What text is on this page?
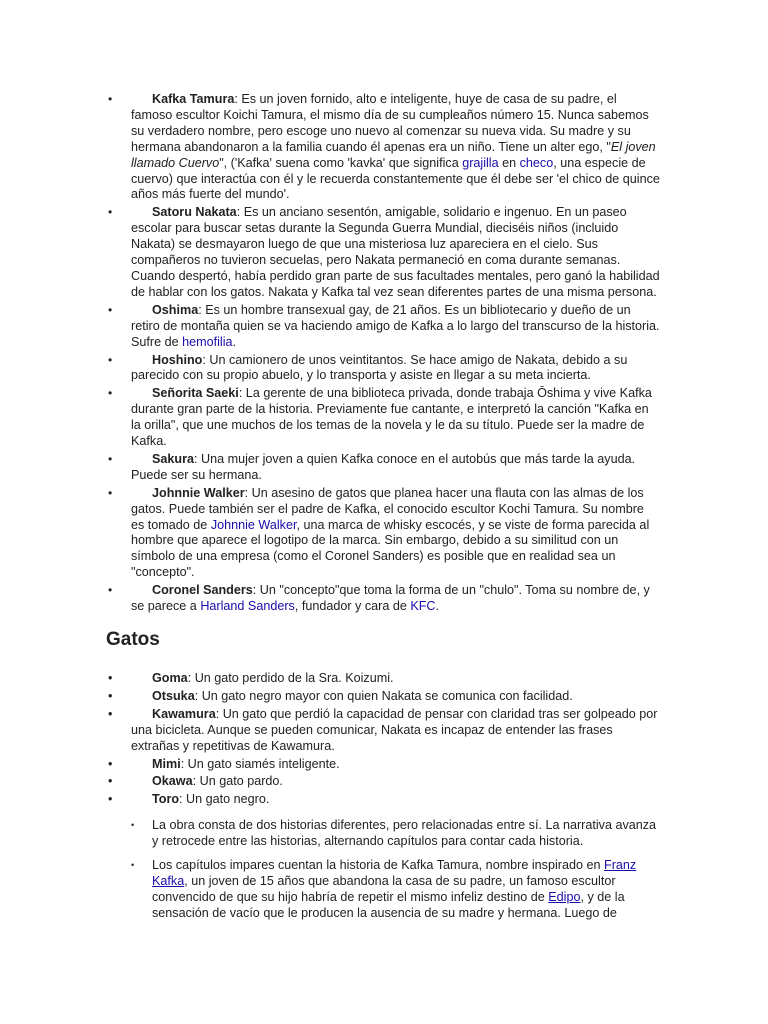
•	Kafka Tamura: Es un joven fornido, alto e inteligente, huye de casa de su padre, el famoso escultor Koichi Tamura, el mismo día de su cumpleaños número 15. Nunca sabemos su verdadero nombre, pero escoge uno nuevo al comenzar su nueva vida. Su madre y su hermana abandonaron a la familia cuando él apenas era un niño. Tiene un alter ego, "El joven llamado Cuervo", ('Kafka' suena como 'kavka' que significa grajilla en checo, una especie de cuervo) que interactúa con él y le recuerda constantemente que él debe ser 'el chico de quince años más fuerte del mundo'.
•	Satoru Nakata: Es un anciano sesentón, amigable, solidario e ingenuo. En un paseo escolar para buscar setas durante la Segunda Guerra Mundial, dieciséis niños (incluido Nakata) se desmayaron luego de que una misteriosa luz apareciera en el cielo. Sus compañeros no tuvieron secuelas, pero Nakata permaneció en coma durante semanas. Cuando despertó, había perdido gran parte de sus facultades mentales, pero ganó la habilidad de hablar con los gatos. Nakata y Kafka tal vez sean diferentes partes de una misma persona.
•	Oshima: Es un hombre transexual gay, de 21 años. Es un bibliotecario y dueño de un retiro de montaña quien se va haciendo amigo de Kafka a lo largo del transcurso de la historia. Sufre de hemofilia.
•	Hoshino: Un camionero de unos veintitantos. Se hace amigo de Nakata, debido a su parecido con su propio abuelo, y lo transporta y asiste en llegar a su meta incierta.
•	Señorita Saeki: La gerente de una biblioteca privada, donde trabaja Ōshima y vive Kafka durante gran parte de la historia. Previamente fue cantante, e interpretó la canción "Kafka en la orilla", que une muchos de los temas de la novela y le da su título. Puede ser la madre de Kafka.
•	Sakura: Una mujer joven a quien Kafka conoce en el autobús que más tarde la ayuda. Puede ser su hermana.
•	Johnnie Walker: Un asesino de gatos que planea hacer una flauta con las almas de los gatos. Puede también ser el padre de Kafka, el conocido escultor Kochi Tamura. Su nombre es tomado de Johnnie Walker, una marca de whisky escocés, y se viste de forma parecida al hombre que aparece el logotipo de la marca. Sin embargo, debido a su similitud con un símbolo de una empresa (como el Coronel Sanders) es posible que en realidad sea un "concepto".
•	Coronel Sanders: Un "concepto"que toma la forma de un "chulo". Toma su nombre de, y se parece a Harland Sanders, fundador y cara de KFC.
Gatos
•	Goma: Un gato perdido de la Sra. Koizumi.
•	Otsuka: Un gato negro mayor con quien Nakata se comunica con facilidad.
•	Kawamura: Un gato que perdió la capacidad de pensar con claridad tras ser golpeado por una bicicleta. Aunque se pueden comunicar, Nakata es incapaz de entender las frases extrañas y repetitivas de Kawamura.
•	Mimi: Un gato siamés inteligente.
•	Okawa: Un gato pardo.
•	Toro: Un gato negro.
• La obra consta de dos historias diferentes, pero relacionadas entre sí. La narrativa avanza y retrocede entre las historias, alternando capítulos para contar cada historia.
• Los capítulos impares cuentan la historia de Kafka Tamura, nombre inspirado en Franz Kafka, un joven de 15 años que abandona la casa de su padre, un famoso escultor convencido de que su hijo habría de repetir el mismo infeliz destino de Edipo, y de la sensación de vacío que le producen la ausencia de su madre y hermana. Luego de
